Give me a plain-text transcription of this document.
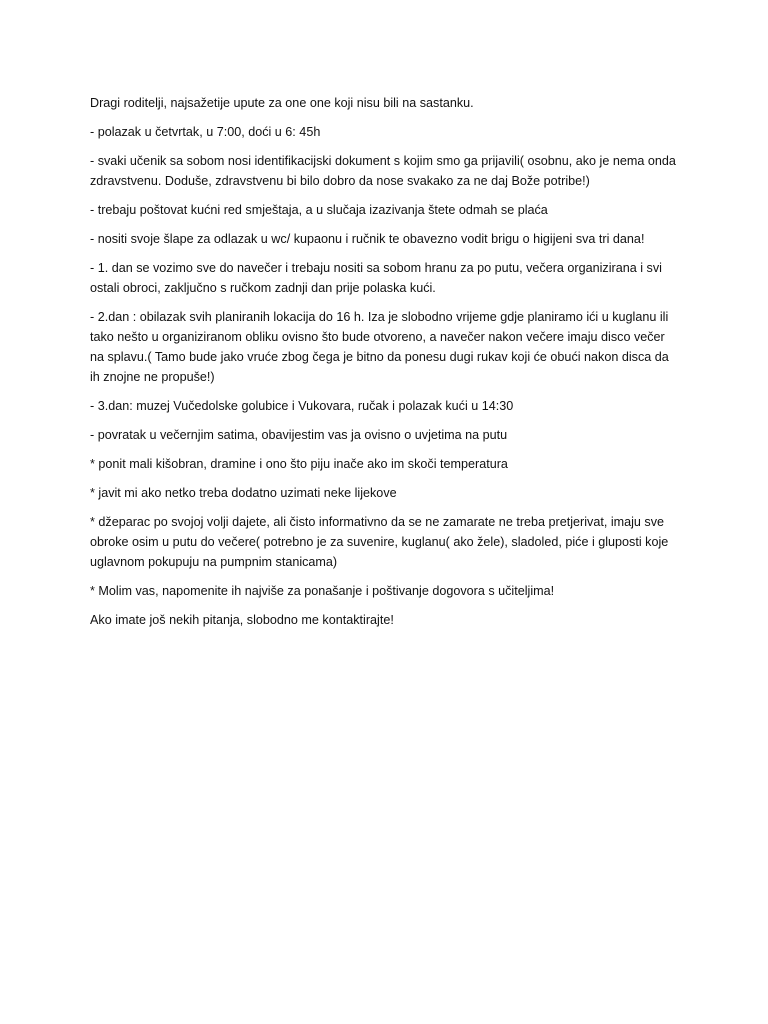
Dragi roditelji, najsažetije upute za one one koji nisu bili na sastanku.

- polazak u četvrtak, u 7:00, doći u 6: 45h

- svaki učenik sa sobom nosi identifikacijski dokument s kojim smo ga prijavili( osobnu, ako je nema onda
zdravstvenu. Doduše, zdravstvenu bi bilo dobro da nose svakako za ne daj Bože potribe!)

- trebaju poštovat kućni red smještaja, a u slučaja izazivanja štete odmah se plaća

- nositi svoje šlape za odlazak u wc/ kupaonu i ručnik te obavezno vodit brigu o higijeni sva tri dana!

- 1. dan se vozimo sve do navečer i trebaju nositi sa sobom hranu za po putu, večera organizirana i svi
ostali obroci, zaključno s ručkom zadnji dan prije polaska kući.

- 2.dan : obilazak svih planiranih lokacija do 16 h. Iza je slobodno vrijeme gdje planiramo ići u kuglanu ili
tako nešto u organiziranom obliku ovisno što bude otvoreno, a navečer nakon večere imaju disco večer
na splavu.( Tamo bude jako vruće zbog čega je bitno da ponesu dugi rukav koji će obući nakon disca da
ih znojne ne propuše!)

- 3.dan: muzej Vučedolske golubice i Vukovara, ručak i polazak kući u 14:30

- povratak u večernjim satima, obavijestim vas ja ovisno o uvjetima na putu

* ponit mali kišobran, dramine i ono što piju inače ako im skoči temperatura

* javit mi ako netko treba dodatno uzimati neke lijekove

* džeparac po svojoj volji dajete, ali čisto informativno da se ne zamarate ne treba pretjerivat, imaju sve
obroke osim u putu do večere( potrebno je za suvenire, kuglanu( ako žele), sladoled, piće i gluposti koje
uglavnom pokupuju na pumpnim stanicama)

* Molim vas, napomenite ih najviše za ponašanje i poštivanje dogovora s učiteljima!

Ako imate još nekih pitanja, slobodno me kontaktirajte!
